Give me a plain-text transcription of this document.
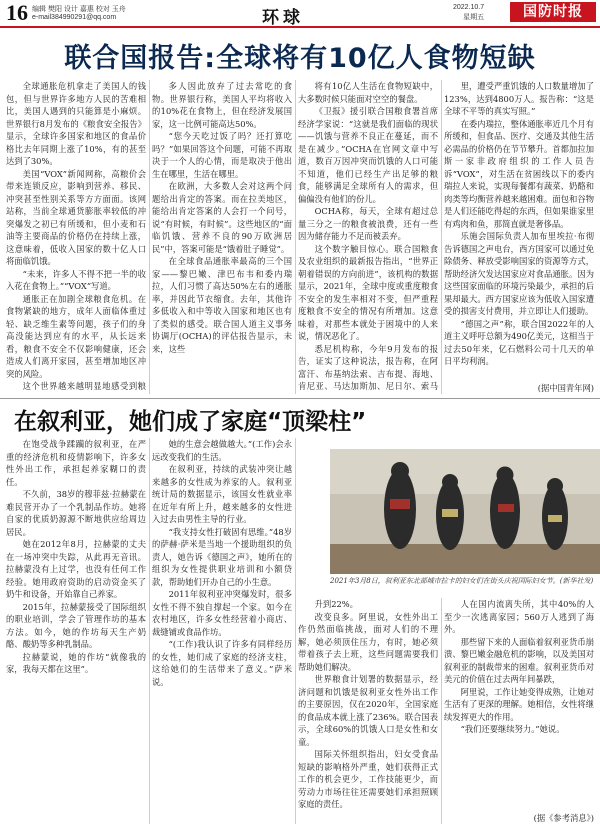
16 编辑 樊阳 设计 嘉惠 校对 玉舟
e-mail384990291@qq.com	环球
2022.10.7
星期五	国防时报
联合国报告:全球将有10亿人食物短缺

全球通胀危机拿走了美国人的钱包，但与世界许多地方人民的苦难相比，美国人遇到的只能算是小麻烦。世界银行8月发布的《粮食安全报告》显示，全球许多国家和地区的食品价格比去年同期上涨了10%，有的甚至达到了30%。

美国“VOX”新闻网称，高粮价会带来连锁反应，影响到营养、移民、冲突甚至性别关系等方方面面。该网站称，当前全球通货膨胀率较低的冲突爆发之初已有所缓和，但小麦和石油等主要商品的价格仍在持续上涨，这意味着，低收入国家的数十亿人口将面临饥饿。

“未来，许多人不得不把一半的收入花在食物上。”“VOX”写道。

通胀正在加剧全球粮食危机。在食物紧缺的地方，成年人面临体重过轻、缺乏维生素等问题，孩子们的身高没能达到应有的水平，从长远来看，粮食不安全不仅影响健康，还会造成人们离开家园，甚至增加地区冲突的风险。

这个世界越来越明显地感受到粮

多人因此放弃了过去常吃的食物。世界银行称，美国人平均将收入的10%花在食物上，但在经济发展国家，这一比例可能高达50%。

“您今天吃过饭了吗？还打算吃吗？”如果回答这个问题，可能不再取决于一个人的心情，而是取决于他出生在哪里，生活在哪里。

在欧洲，大多数人会对这两个问题给出肯定的答案。而在拉美地区，能给出肯定答案的人会打一个问号，说“有时候，有时候”。这些地区的“面临饥饿、营养不良的90万欧洲居民”中，答案可能是“饿着肚子睡觉”。

在全球食品通胀率最高的三个国家——黎巴嫩、津巴布韦和委内瑞拉，人们习惯了高达50%左右的通胀率，并因此节衣缩食。去年，其他许多低收入和中等收入国家和地区也有了类似的感受。联合国人道主义事务协调厅(OCHA)的评估报告显示，未来，这些

将有10亿人生活在食物短缺中，大多数时候只能面对空空的餐盘。

《卫报》援引联合国粮食署首席经济学家说：“这就是我们面临的现状——饥饿与营养不良正在蔓延，而不是在减少。”OCHA在官网文章中写道，数百万因冲突而饥饿的人口可能不知道，他们已经生产出足够的粮食，能够满足全球所有人的需求，但偏偏没有他们的份儿。

OCHA称，每天，全球有超过总量三分之一的粮食被浪费，还有一些因为储存能力不足而被丢弃。

这个数字触目惊心。联合国粮食及农业组织的最新报告指出，“世界正朝着错误的方向前进”，该机构的数据显示，2021年，全球中度或重度粮食不安全的发生率相对不变，但严重程度粮食不安全的情况有所增加。这意味着，对那些本就处于困境中的人来说，情况恶化了。

悉尼机构称，今年9月发布的报告，证实了这种说法，报告称，在阿富汗、布基纳法索、吉布提、海地、肯尼亚、马达加斯加、尼日尔、索马

里，遭受严重饥饿的人口数量增加了123%，达到4800万人。报告称：“这是全球不平等的真实写照。”

在委内瑞拉，整体通胀率近几个月有所缓和，但食品、医疗、交通及其他生活必需品的价格仍在节节攀升。首都加拉加斯一家非政府组织的工作人员告诉“VOX”，对生活在贫困线以下的委内瑞拉人来说，实现每餐都有蔬菜、奶酪和肉类等均衡营养越来越困难。面包和谷物是人们还能吃得起的东西，但如果谁家里有鸡肉和鱼，那简直就是奢侈品。

乐施会国际负责人加布里埃拉·布彻告诉德国之声电台，西方国家可以通过免除债务、释放受影响国家的资源等方式，帮助经济欠发达国家应对食品通胀。因为这些国家面临的环境污染最少，承担的后果却最大。西方国家应该为低收入国家遭受的损害支付费用，并立即让人们援助。

“德国之声”称，联合国2022年的人道主义呼吁总额为490亿美元，这相当于过去50年来，亿石燃料公司十几天的单日平均利润。

(据中国青年网)
在叙利亚，她们成了家庭“顶梁柱”

在饱受战争蹂躏的叙利亚，在严重的经济危机和疫情影响下，许多女性外出工作，承担起养家糊口的责任。

不久前，38岁的穆菲兹·拉赫蒙在难民营开办了一个乳制品作坊。她将自家的优质奶源源不断地供应给周边居民。

她在2012年8月，拉赫蒙的丈夫在一场冲突中失踪，从此再无音讯。拉赫蒙没有上过学，也没有任何工作经验。她用政府资助的启动资金买了奶牛和设备，开始靠自己养家。

2015年，拉赫蒙接受了国际组织的职业培训，学会了管理作坊的基本方法。如今，她的作坊每天生产奶酪、酸奶等多种乳制品。

拉赫蒙说，她的作坊“就像我的家，我每天都在这里”。

她的生意会越做越大。”(工作)会永远改变我们的生活。

在叙利亚，持续的武装冲突让越来越多的女性成为养家的人。叙利亚统计局的数据显示，该国女性就业率在近年有所上升，越来越多的女性进入过去由男性主导的行业。

“我支持女性打破固有思维。”48岁的萨赫·萨米是当地一个援助组织的负责人，她告诉《德国之声》，她所在的组织为女性提供职业培训和小额贷款，帮助她们开办自己的小生意。

2011年叙利亚冲突爆发时，很多女性不得不独自撑起一个家。如今在农村地区，许多女性经营着小商店、裁缝铺或食品作坊。

“(工作)我认识了许多有同样经历的女性，她们成了家庭的经济支柱，这给她们的生活带来了意义。”萨米说。

2021年3月8日，叙利亚东北部城市拉卡的妇女们在街头庆祝国际妇女节。(新华社发)

升到22%。

改变良多。阿里说，女性外出工作仍然面临挑战，面对人们的不理解，她必须顶住压力，有时，她必须带着孩子去上班，这些问题需要我们帮助她们解决。

世界粮食计划署的数据显示，经济问题和饥饿是叙利亚女性外出工作的主要原因，仅在2020年，全国家庭的食品成本就上涨了236%。联合国表示，全球60%的饥饿人口是女性和女童。

国际关怀组织指出，妇女受食品短缺的影响格外严重，她们获得正式工作的机会更少，工作技能更少，而劳动力市场往往还需要她们承担照顾家庭的责任。

人在国内流离失所，其中40%的人至少一次逃离家园；560万人逃到了海外。

那些留下来的人面临着叙利亚货币崩溃、黎巴嫩金融危机的影响，以及美国对叙利亚的制裁带来的困难。叙利亚货币对美元的价值在过去两年间暴跌，

阿里说，工作让她变得成熟，让她对生活有了更深的理解。她相信，女性将继续发挥更大的作用。

“我们还要继续努力。”她说。

(据《参考消息》)
